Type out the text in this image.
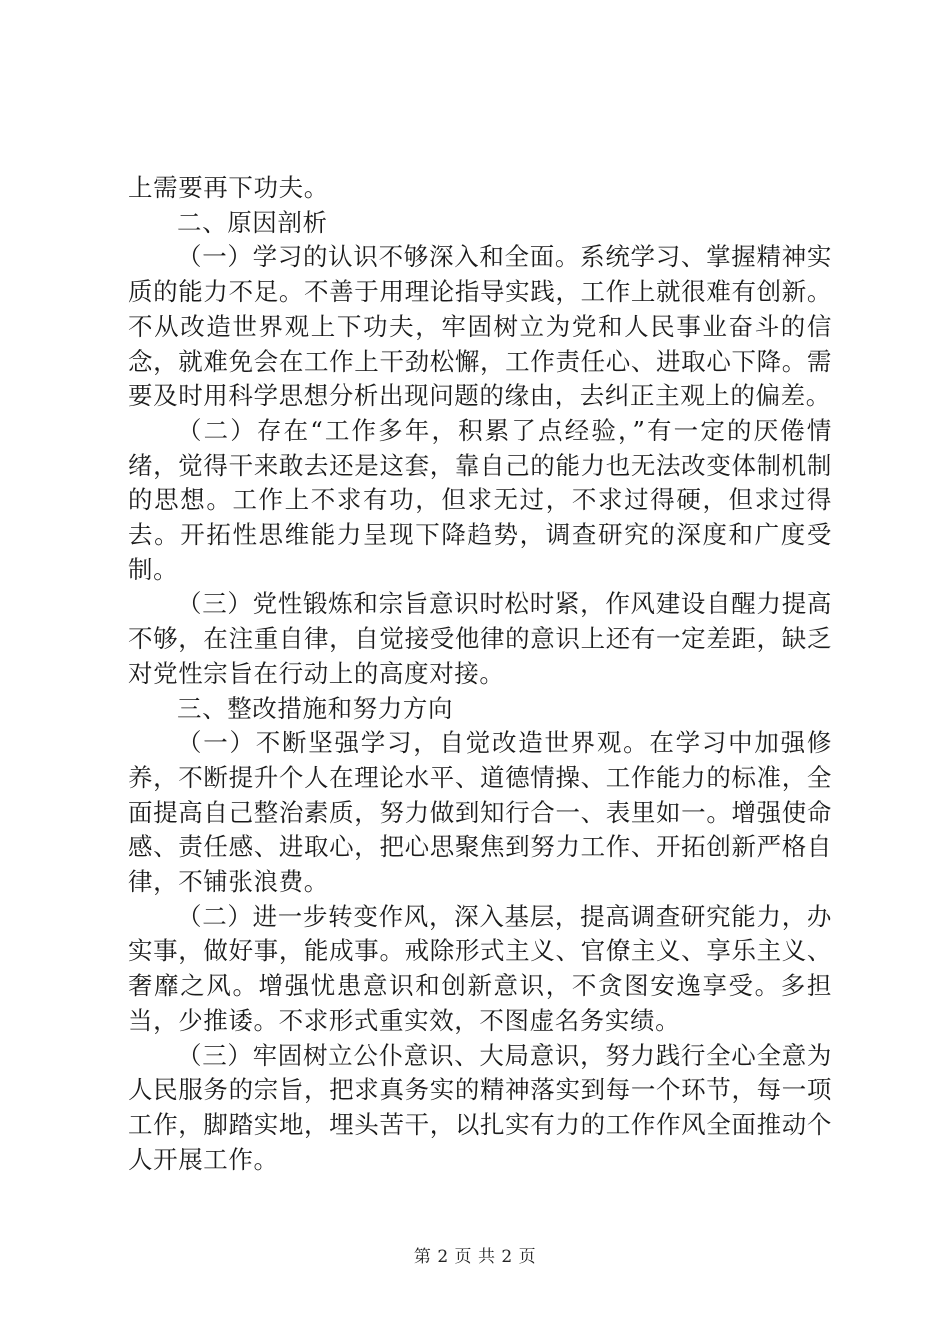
上需要再下功夫。

二、原因剖析

（一）学习的认识不够深入和全面。系统学习、掌握精神实质的能力不足。不善于用理论指导实践，工作上就很难有创新。不从改造世界观上下功夫，牢固树立为党和人民事业奋斗的信念，就难免会在工作上干劲松懈，工作责任心、进取心下降。需要及时用科学思想分析出现问题的缘由，去纠正主观上的偏差。

（二）存在“工作多年，积累了点经验，”有一定的厌倦情绪，觉得干来敢去还是这套，靠自己的能力也无法改变体制机制的思想。工作上不求有功，但求无过，不求过得硬，但求过得去。开拓性思维能力呈现下降趋势，调查研究的深度和广度受制。

（三）党性锻炼和宗旨意识时松时紧，作风建设自醒力提高不够，在注重自律，自觉接受他律的意识上还有一定差距，缺乏对党性宗旨在行动上的高度对接。

三、整改措施和努力方向

（一）不断坚强学习，自觉改造世界观。在学习中加强修养，不断提升个人在理论水平、道德情操、工作能力的标准，全面提高自己整治素质，努力做到知行合一、表里如一。增强使命感、责任感、进取心，把心思聚焦到努力工作、开拓创新严格自律，不铺张浪费。

（二）进一步转变作风，深入基层，提高调查研究能力，办实事，做好事，能成事。戒除形式主义、官僚主义、享乐主义、奢靡之风。增强忧患意识和创新意识，不贪图安逸享受。多担当，少推诿。不求形式重实效，不图虚名务实绩。

（三）牢固树立公仆意识、大局意识，努力践行全心全意为人民服务的宗旨，把求真务实的精神落实到每一个环节，每一项工作，脚踏实地，埋头苦干，以扎实有力的工作作风全面推动个人开展工作。

第 2 页 共 2 页
